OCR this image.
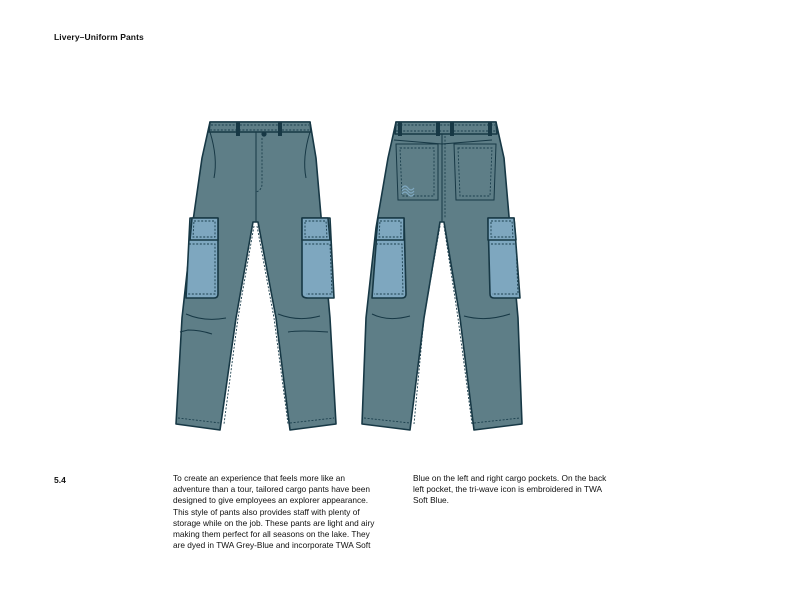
Livery–Uniform Pants
5.4	To create an experience that feels more like an
adventure than a tour, tailored cargo pants have been
designed to give employees an explorer appearance.
This style of pants also provides staff with plenty of
storage while on the job. These pants are light and airy
making them perfect for all seasons on the lake. They
are dyed in TWA Grey-Blue and incorporate TWA Soft
Blue on the left and right cargo pockets. On the back
left pocket, the tri-wave icon is embroidered in TWA
Soft Blue.
